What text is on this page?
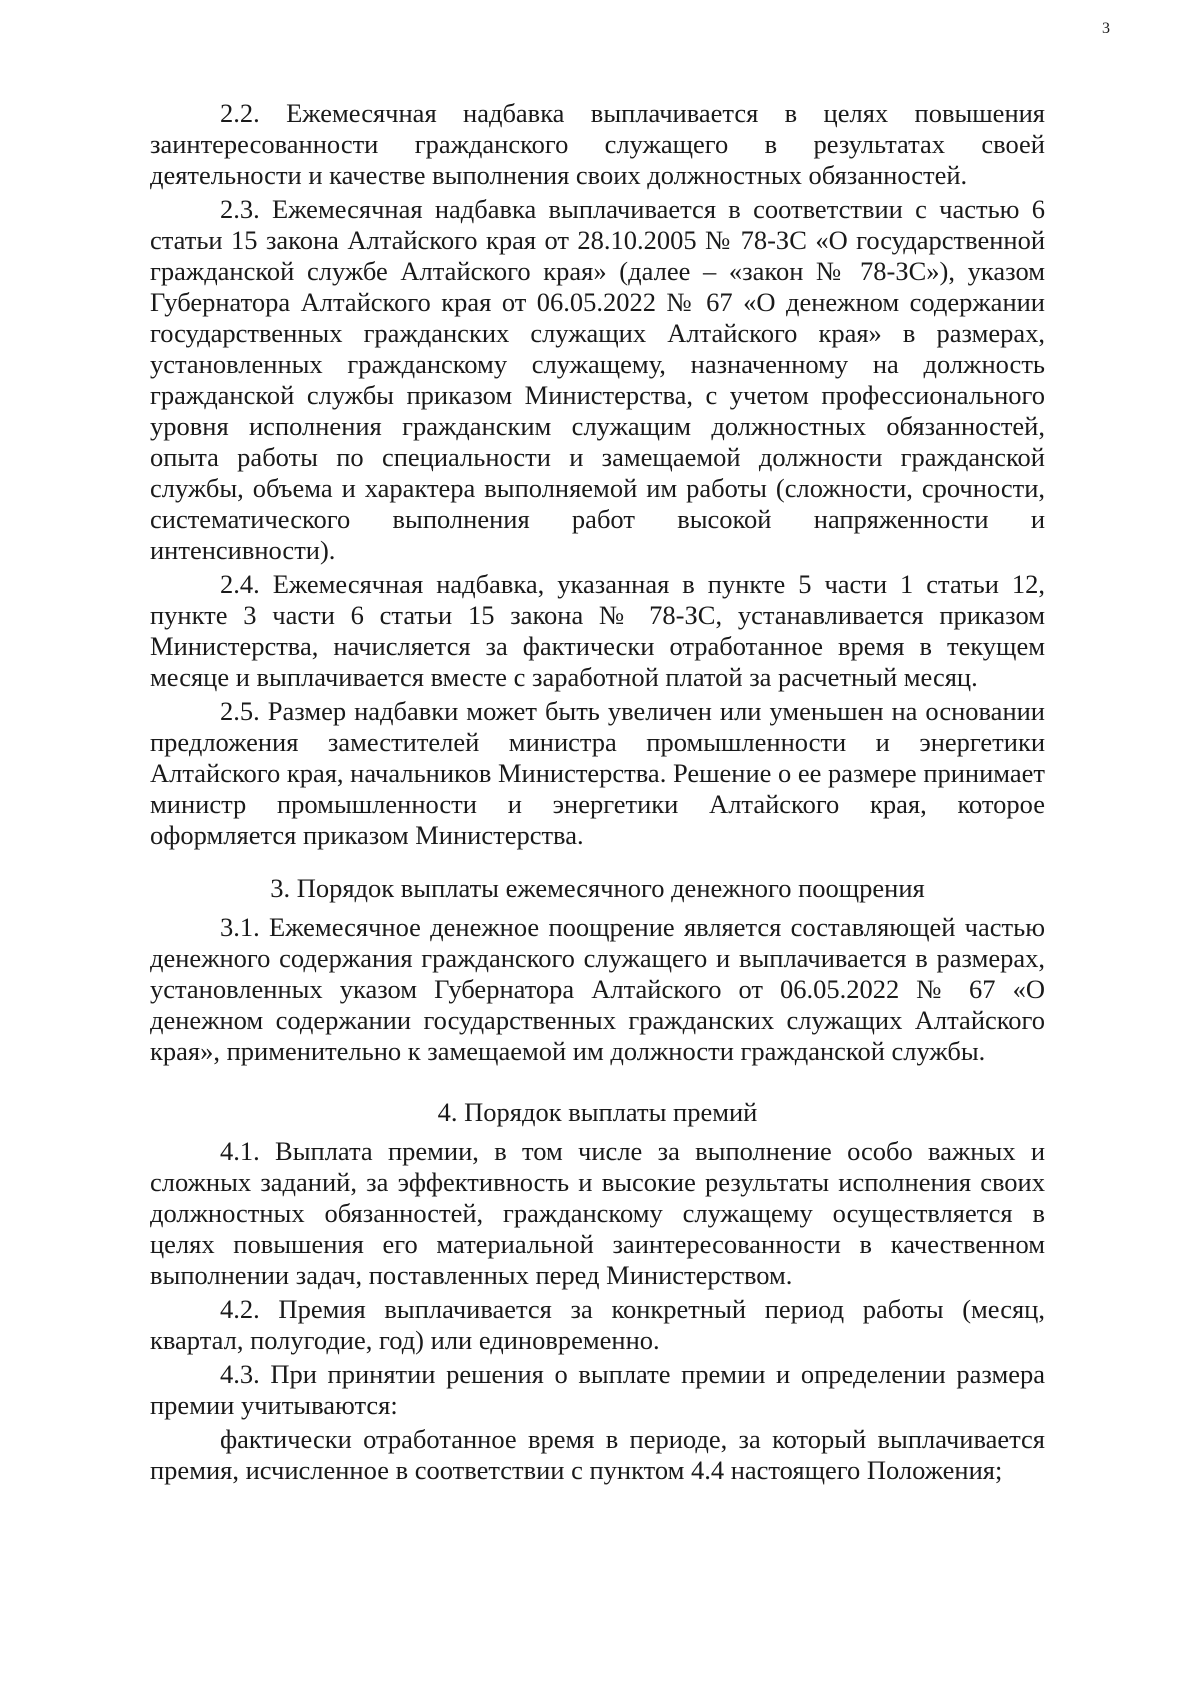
3

2.2. Ежемесячная надбавка выплачивается в целях повышения заинтересованности гражданского служащего в результатах своей деятельности и качестве выполнения своих должностных обязанностей.

2.3. Ежемесячная надбавка выплачивается в соответствии с частью 6 статьи 15 закона Алтайского края от 28.10.2005 № 78-ЗС «О государственной гражданской службе Алтайского края» (далее – «закон № 78-ЗС»), указом Губернатора Алтайского края от 06.05.2022 № 67 «О денежном содержании государственных гражданских служащих Алтайского края» в размерах, установленных гражданскому служащему, назначенному на должность гражданской службы приказом Министерства, с учетом профессионального уровня исполнения гражданским служащим должностных обязанностей, опыта работы по специальности и замещаемой должности гражданской службы, объема и характера выполняемой им работы (сложности, срочности, систематического выполнения работ высокой напряженности и интенсивности).

2.4. Ежемесячная надбавка, указанная в пункте 5 части 1 статьи 12, пункте 3 части 6 статьи 15 закона № 78-ЗС, устанавливается приказом Министерства, начисляется за фактически отработанное время в текущем месяце и выплачивается вместе с заработной платой за расчетный месяц.

2.5. Размер надбавки может быть увеличен или уменьшен на основании предложения заместителей министра промышленности и энергетики Алтайского края, начальников Министерства. Решение о ее размере принимает министр промышленности и энергетики Алтайского края, которое оформляется приказом Министерства.

3. Порядок выплаты ежемесячного денежного поощрения

3.1. Ежемесячное денежное поощрение является составляющей частью денежного содержания гражданского служащего и выплачивается в размерах, установленных указом Губернатора Алтайского от 06.05.2022 № 67 «О денежном содержании государственных гражданских служащих Алтайского края», применительно к замещаемой им должности гражданской службы.

4. Порядок выплаты премий

4.1. Выплата премии, в том числе за выполнение особо важных и сложных заданий, за эффективность и высокие результаты исполнения своих должностных обязанностей, гражданскому служащему осуществляется в целях повышения его материальной заинтересованности в качественном выполнении задач, поставленных перед Министерством.

4.2. Премия выплачивается за конкретный период работы (месяц, квартал, полугодие, год) или единовременно.

4.3. При принятии решения о выплате премии и определении размера премии учитываются:

фактически отработанное время в периоде, за который выплачивается премия, исчисленное в соответствии с пунктом 4.4 настоящего Положения;
